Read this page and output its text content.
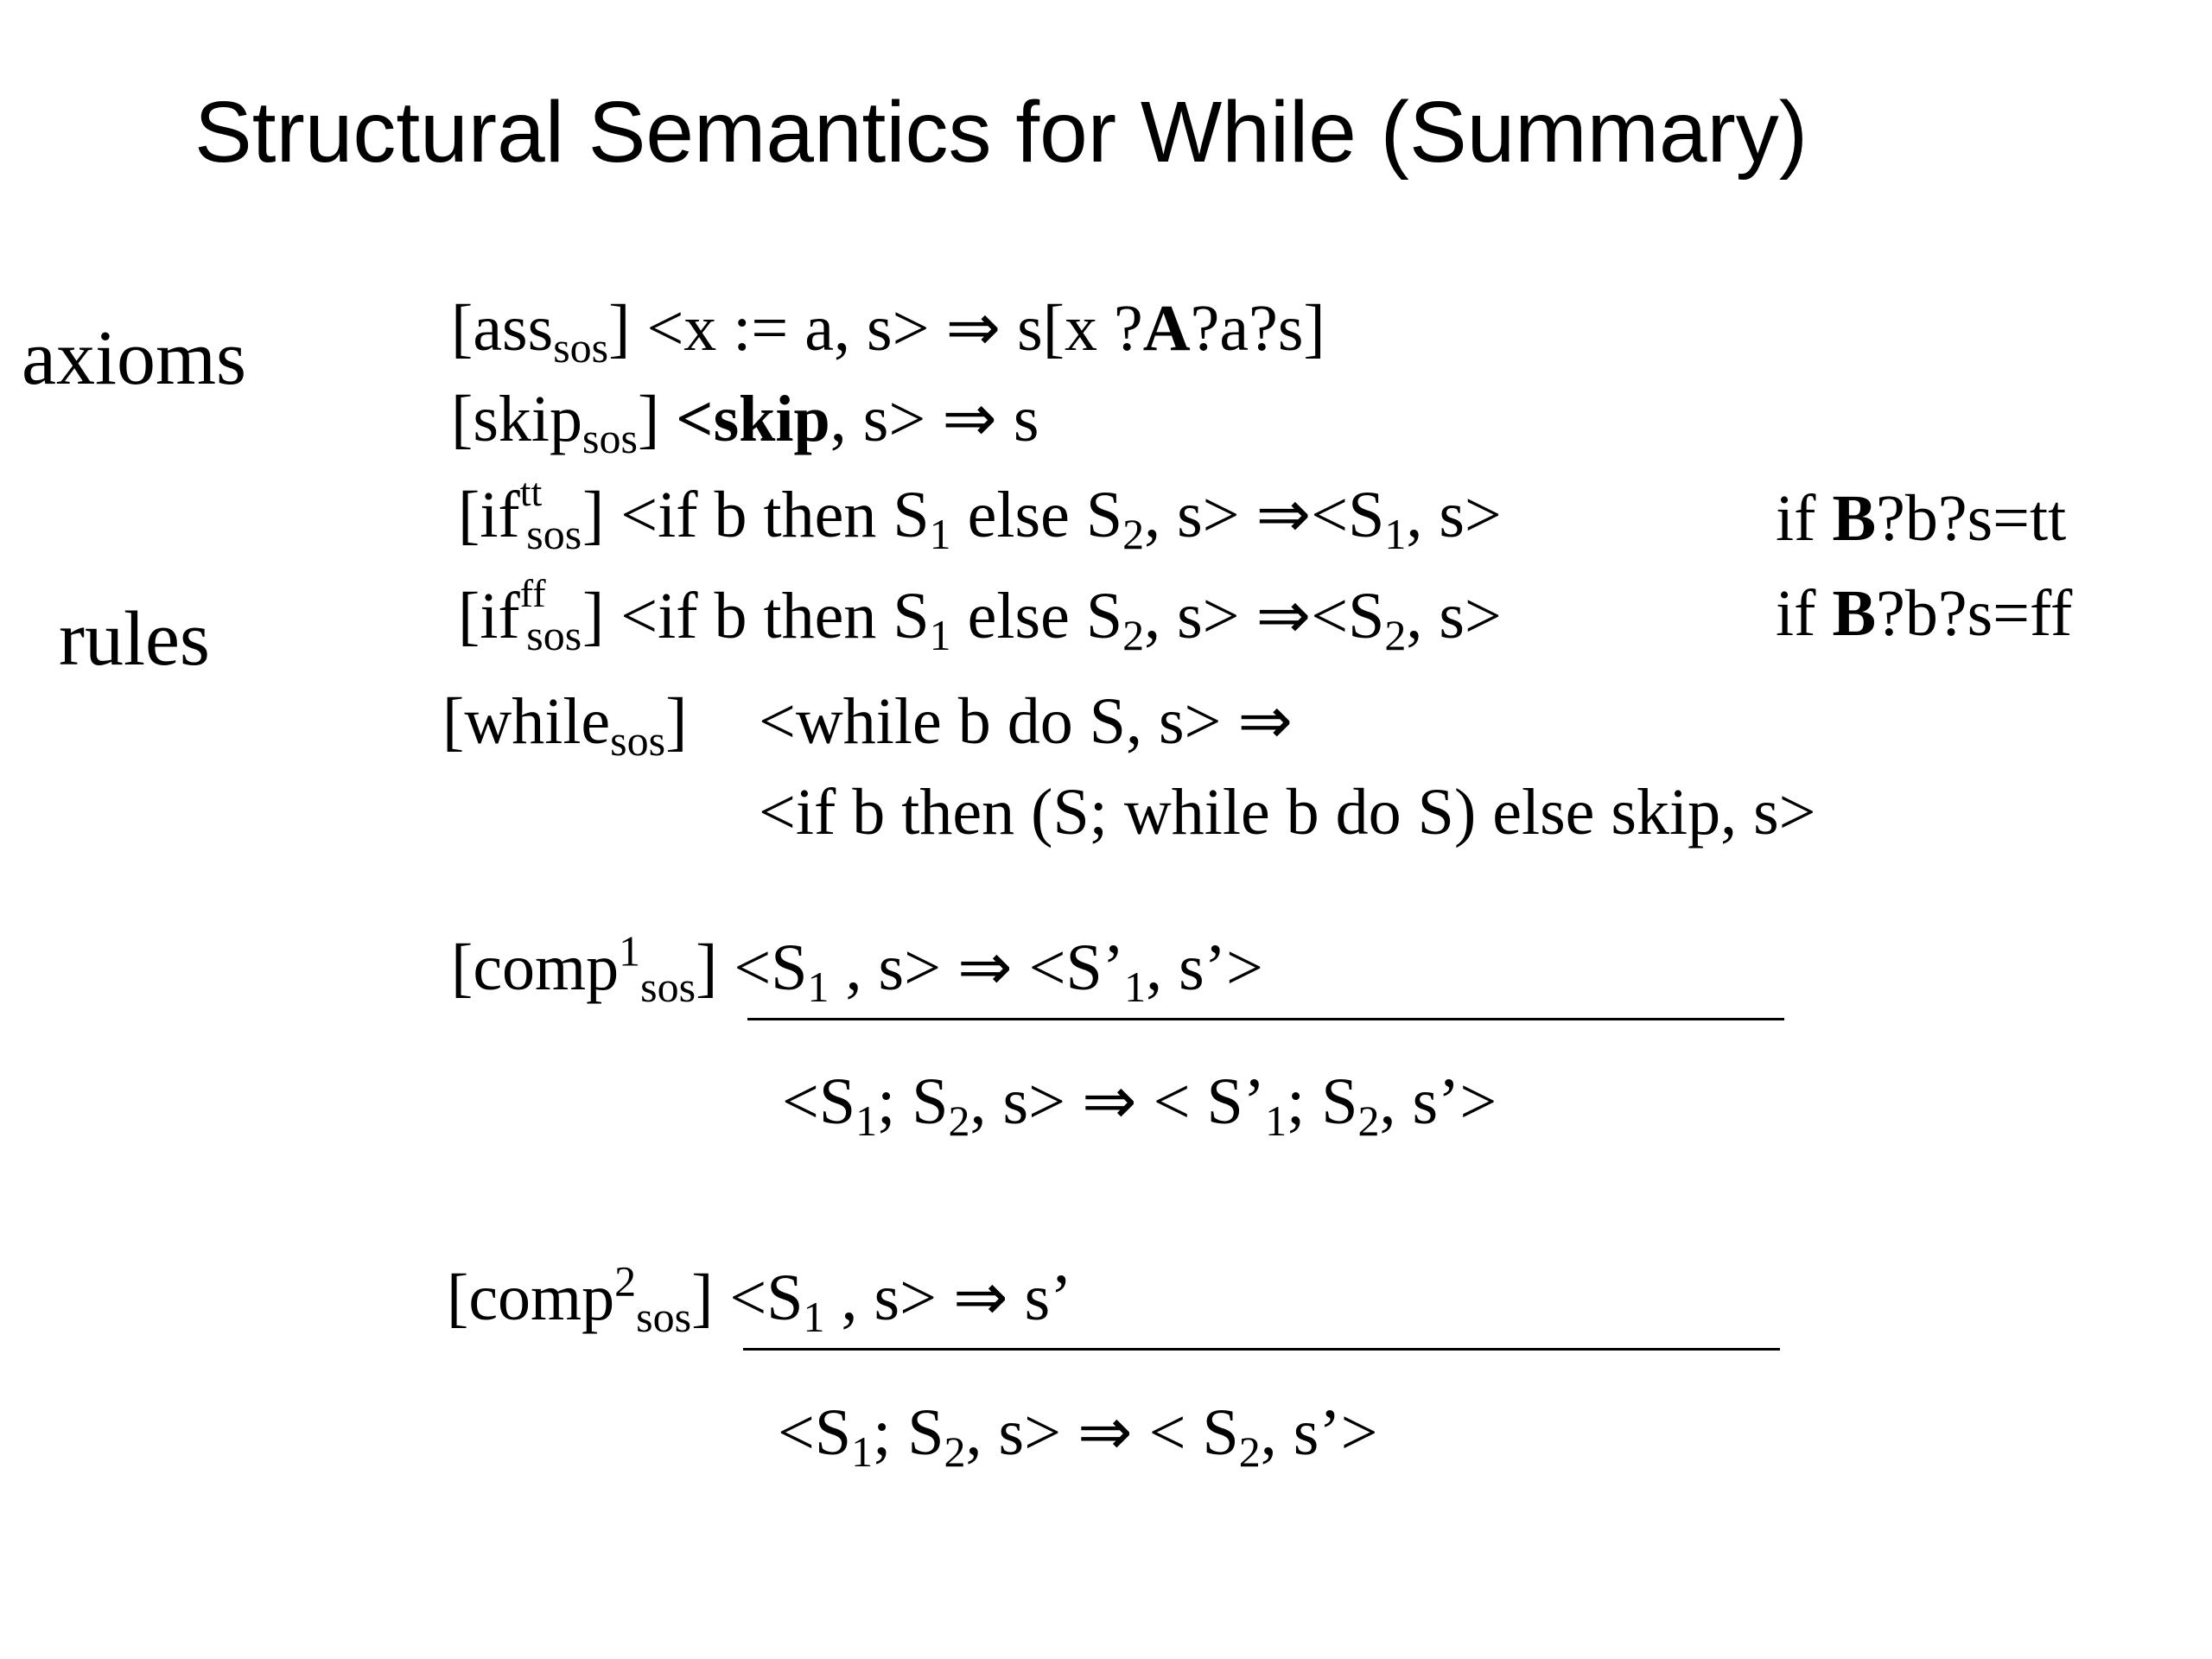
Structural Semantics for While (Summary)
axioms
rules
[ass$_{sos}$] <x := a, s> ⇒ s[x ?A?a?s]
[skip$_{sos}$] <skip, s> ⇒ s
[if tt
sos ] <if b then $S_1$ else $S_2$, $s> \Rightarrow<S_1$, s>	if B?b?s=tt
[if ff
sos ] <if b then $S_1$ else $S_2$, $s> \Rightarrow<S_2$, s>	if B?b?s=ff
[while$_{sos}$] <while b do S, s> ⇒
<if b then (S; while b do S) else skip, s>
[comp$^1_{sos}$] $<S_1$ , s> ⇒ $<S’_1$, s’>
$<S_1$; $S_2$, s> ⇒ < $S’_1$; $S_2$, s’>
[comp$^2_{sos}$] $<S_1$ , s> ⇒ s’
$<S_1$; $S_2$, s> ⇒ < $S_2$, s’>
